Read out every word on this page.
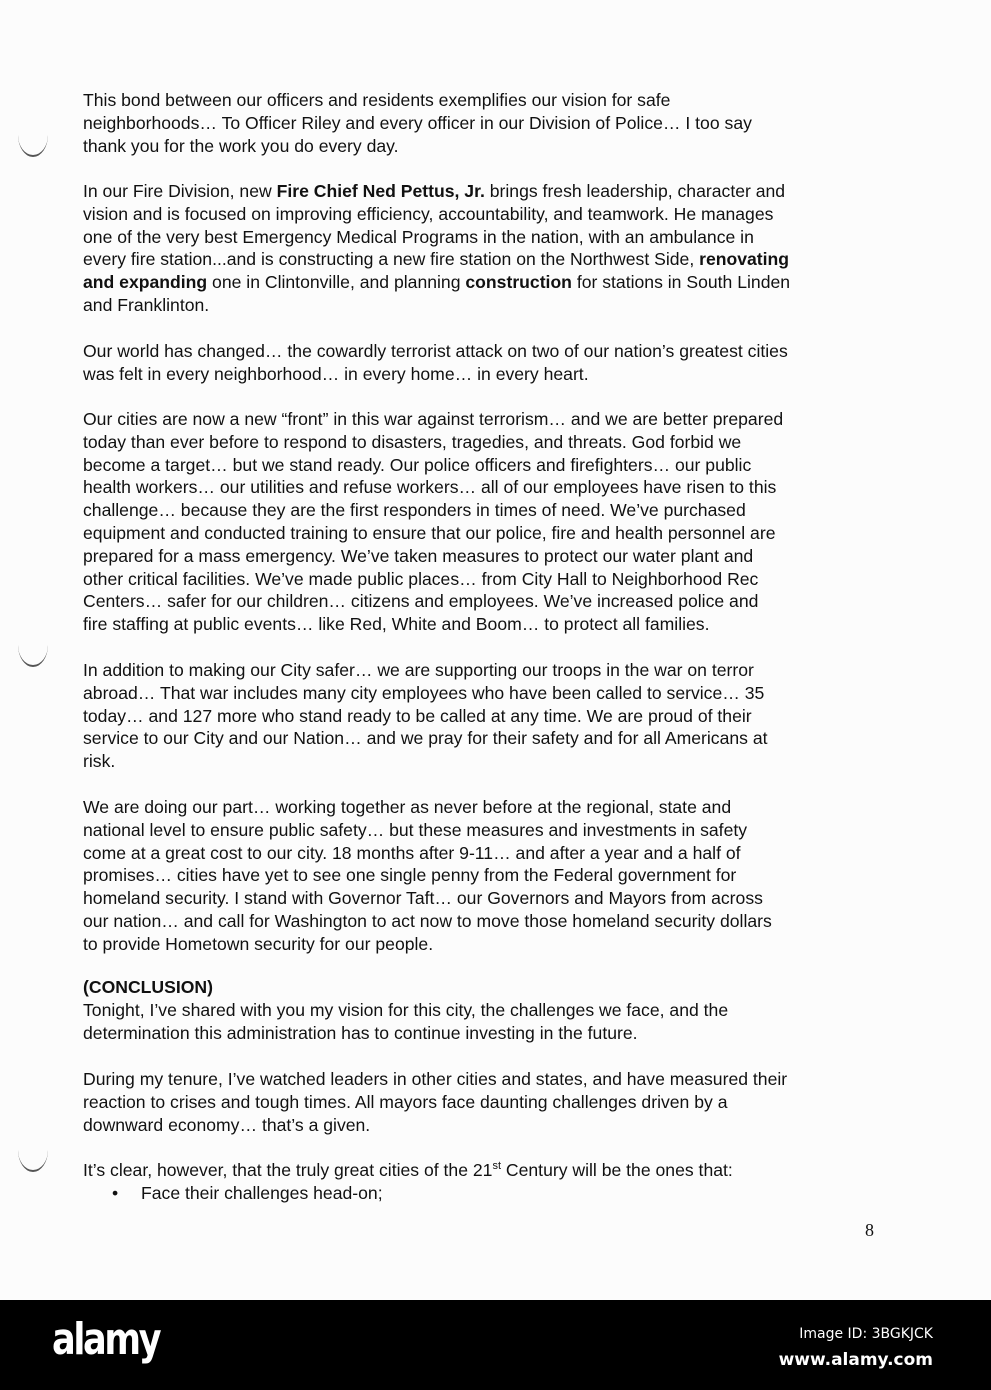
This bond between our officers and residents exemplifies our vision for safe
neighborhoods… To Officer Riley and every officer in our Division of Police… I too say
thank you for the work you do every day.
In our Fire Division, new Fire Chief Ned Pettus, Jr. brings fresh leadership, character and
vision and is focused on improving efficiency, accountability, and teamwork. He manages
one of the very best Emergency Medical Programs in the nation, with an ambulance in
every fire station...and is constructing a new fire station on the Northwest Side, renovating
and expanding one in Clintonville, and planning construction for stations in South Linden
and Franklinton.
Our world has changed… the cowardly terrorist attack on two of our nation’s greatest cities
was felt in every neighborhood… in every home… in every heart.
Our cities are now a new “front” in this war against terrorism… and we are better prepared
today than ever before to respond to disasters, tragedies, and threats. God forbid we
become a target… but we stand ready. Our police officers and firefighters… our public
health workers… our utilities and refuse workers… all of our employees have risen to this
challenge… because they are the first responders in times of need. We’ve purchased
equipment and conducted training to ensure that our police, fire and health personnel are
prepared for a mass emergency. We’ve taken measures to protect our water plant and
other critical facilities. We’ve made public places… from City Hall to Neighborhood Rec
Centers… safer for our children… citizens and employees. We’ve increased police and
fire staffing at public events… like Red, White and Boom… to protect all families.
In addition to making our City safer… we are supporting our troops in the war on terror
abroad… That war includes many city employees who have been called to service… 35
today… and 127 more who stand ready to be called at any time. We are proud of their
service to our City and our Nation… and we pray for their safety and for all Americans at
risk.
We are doing our part… working together as never before at the regional, state and
national level to ensure public safety… but these measures and investments in safety
come at a great cost to our city. 18 months after 9-11… and after a year and a half of
promises… cities have yet to see one single penny from the Federal government for
homeland security. I stand with Governor Taft… our Governors and Mayors from across
our nation… and call for Washington to act now to move those homeland security dollars
to provide Hometown security for our people.
(CONCLUSION)
Tonight, I’ve shared with you my vision for this city, the challenges we face, and the
determination this administration has to continue investing in the future.
During my tenure, I’ve watched leaders in other cities and states, and have measured their
reaction to crises and tough times. All mayors face daunting challenges driven by a
downward economy… that’s a given.
It’s clear, however, that the truly great cities of the 21st Century will be the ones that:
• Face their challenges head-on;
8
alamy	Image ID: 3BGKJCK
www.alamy.com
